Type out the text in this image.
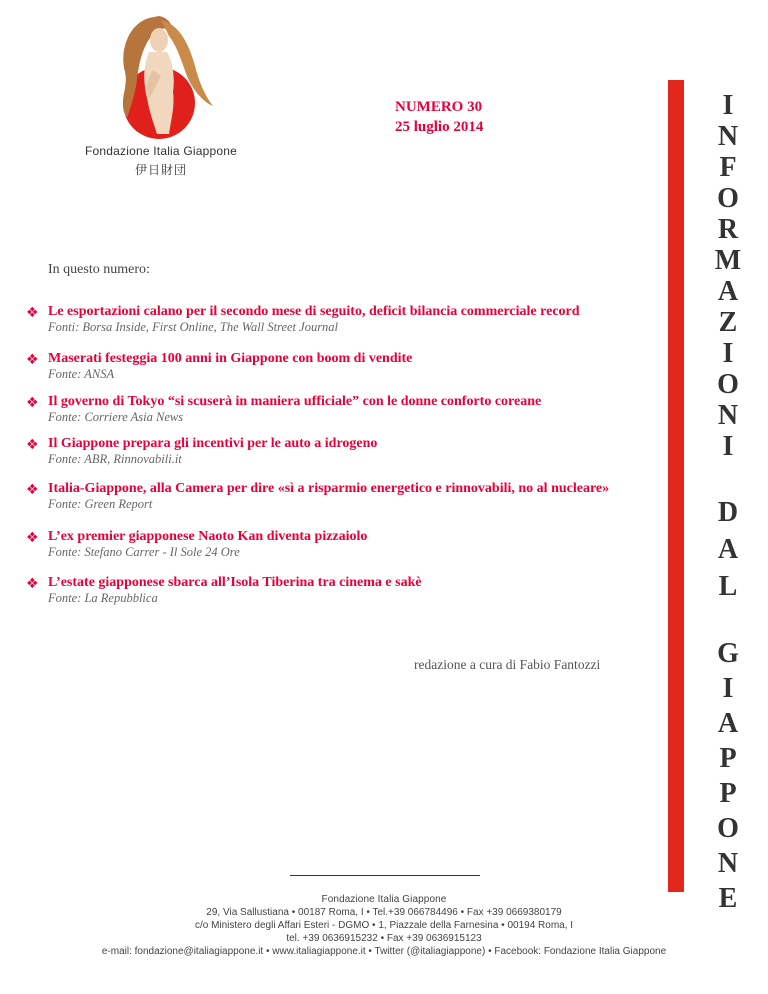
Fondazione Italia Giappone
伊日財団
NUMERO 30
25 luglio 2014
In questo numero:
❖ Le esportazioni calano per il secondo mese di seguito, deficit bilancia commerciale record
Fonti: Borsa Inside, First Online, The Wall Street Journal
❖ Maserati festeggia 100 anni in Giappone con boom di vendite
Fonte: ANSA
❖ Il governo di Tokyo “si scuserà in maniera ufficiale” con le donne conforto coreane
Fonte: Corriere Asia News
❖ Il Giappone prepara gli incentivi per le auto a idrogeno
Fonte: ABR, Rinnovabili.it
❖ Italia-Giappone, alla Camera per dire «sì a risparmio energetico e rinnovabili, no al nucleare»
Fonte: Green Report
❖ L’ex premier giapponese Naoto Kan diventa pizzaiolo
Fonte: Stefano Carrer - Il Sole 24 Ore
❖ L’estate giapponese sbarca all’Isola Tiberina tra cinema e sakè
Fonte: La Repubblica
redazione a cura di Fabio Fantozzi
Fondazione Italia Giappone
29, Via Sallustiana • 00187 Roma, I • Tel.+39 066784496 • Fax +39 0669380179
c/o Ministero degli Affari Esteri - DGMO • 1, Piazzale della Farnesina • 00194 Roma, I
tel. +39 0636915232 • Fax +39 0636915123
e-mail: fondazione@italiagiappone.it • www.italiagiappone.it • Twitter (@italiagiappone) • Facebook: Fondazione Italia Giappone
I
N
F
O
R
M
A
Z
I
O
N
I
D
A
L
G
I
A
P
P
O
N
E
